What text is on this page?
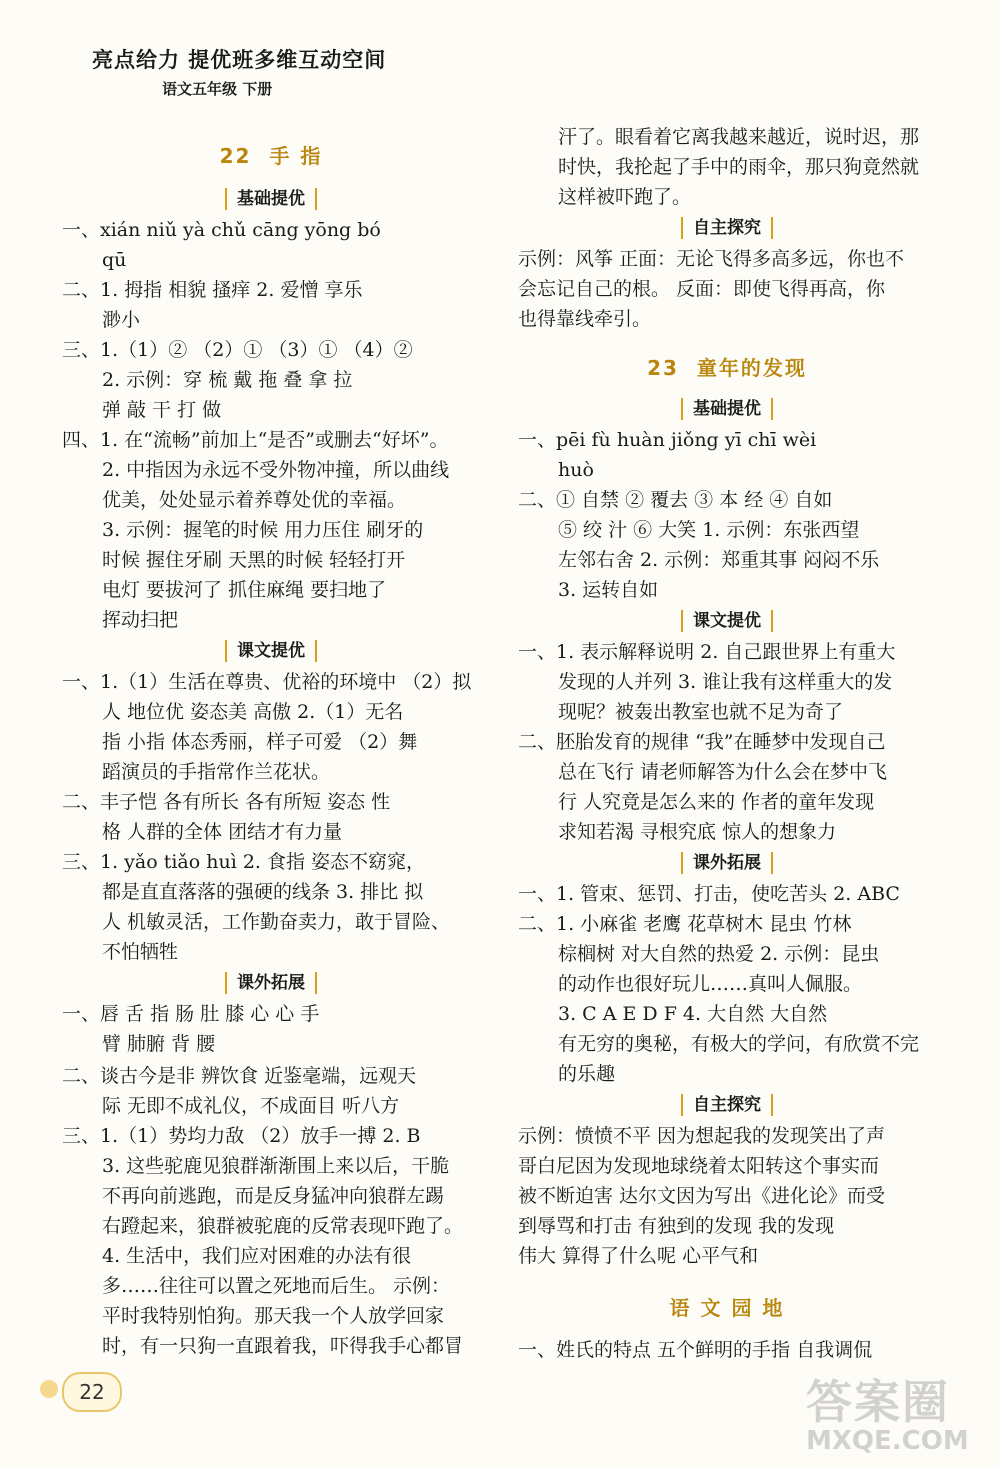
亮点给力 提优班多维互动空间
语文五年级 下册
22 手 指
基础提优
一、xián niǔ yà chǔ cāng yōng bó
qū
二、1. 拇指 相貌 搔痒 2. 爱憎 享乐
渺小
三、1.（1）② （2）① （3）① （4）②
2. 示例：穿 梳 戴 拖 叠 拿 拉
弹 敲 干 打 做
四、1. 在“流畅”前加上“是否”或删去“好坏”。
2. 中指因为永远不受外物冲撞，所以曲线
优美，处处显示着养尊处优的幸福。
3. 示例：握笔的时候 用力压住 刷牙的
时候 握住牙刷 天黑的时候 轻轻打开
电灯 要拔河了 抓住麻绳 要扫地了
挥动扫把
课文提优
一、1.（1）生活在尊贵、优裕的环境中 （2）拟
人 地位优 姿态美 高傲 2.（1）无名
指 小指 体态秀丽，样子可爱 （2）舞
蹈演员的手指常作兰花状。
二、丰子恺 各有所长 各有所短 姿态 性
格 人群的全体 团结才有力量
三、1. yǎo tiǎo huì 2. 食指 姿态不窈窕，
都是直直落落的强硬的线条 3. 排比 拟
人 机敏灵活，工作勤奋卖力，敢于冒险、
不怕牺牲
课外拓展
一、唇 舌 指 肠 肚 膝 心 心 手
臂 肺腑 背 腰
二、谈古今是非 辨饮食 近鉴毫端，远观天
际 无即不成礼仪，不成面目 听八方
三、1.（1）势均力敌 （2）放手一搏 2. B
3. 这些驼鹿见狼群渐渐围上来以后，干脆
不再向前逃跑，而是反身猛冲向狼群左踢
右蹬起来，狼群被驼鹿的反常表现吓跑了。
4. 生活中，我们应对困难的办法有很
多……往往可以置之死地而后生。 示例：
平时我特别怕狗。那天我一个人放学回家
时，有一只狗一直跟着我，吓得我手心都冒
汗了。眼看着它离我越来越近，说时迟，那
时快，我抡起了手中的雨伞，那只狗竟然就
这样被吓跑了。
自主探究
示例：风筝 正面：无论飞得多高多远，你也不
会忘记自己的根。 反面：即使飞得再高，你
也得靠线牵引。
23 童年的发现
基础提优
一、pēi fù huàn jiǒng yī chī wèi
huò
二、① 自禁 ② 覆去 ③ 本 经 ④ 自如
⑤ 绞 汁 ⑥ 大笑 1. 示例：东张西望
左邻右舍 2. 示例：郑重其事 闷闷不乐
3. 运转自如
课文提优
一、1. 表示解释说明 2. 自己跟世界上有重大
发现的人并列 3. 谁让我有这样重大的发
现呢？被轰出教室也就不足为奇了
二、胚胎发育的规律 “我”在睡梦中发现自己
总在飞行 请老师解答为什么会在梦中飞
行 人究竟是怎么来的 作者的童年发现
求知若渴 寻根究底 惊人的想象力
课外拓展
一、1. 管束、惩罚、打击，使吃苦头 2. ABC
二、1. 小麻雀 老鹰 花草树木 昆虫 竹林
棕榈树 对大自然的热爱 2. 示例：昆虫
的动作也很好玩儿……真叫人佩服。
3. C A E D F 4. 大自然 大自然
有无穷的奥秘，有极大的学问，有欣赏不完
的乐趣
自主探究
示例：愤愤不平 因为想起我的发现笑出了声
哥白尼因为发现地球绕着太阳转这个事实而
被不断迫害 达尔文因为写出《进化论》而受
到辱骂和打击 有独到的发现 我的发现
伟大 算得了什么呢 心平气和
语 文 园 地
一、姓氏的特点 五个鲜明的手指 自我调侃
22	答案圈
MXQE.COM
